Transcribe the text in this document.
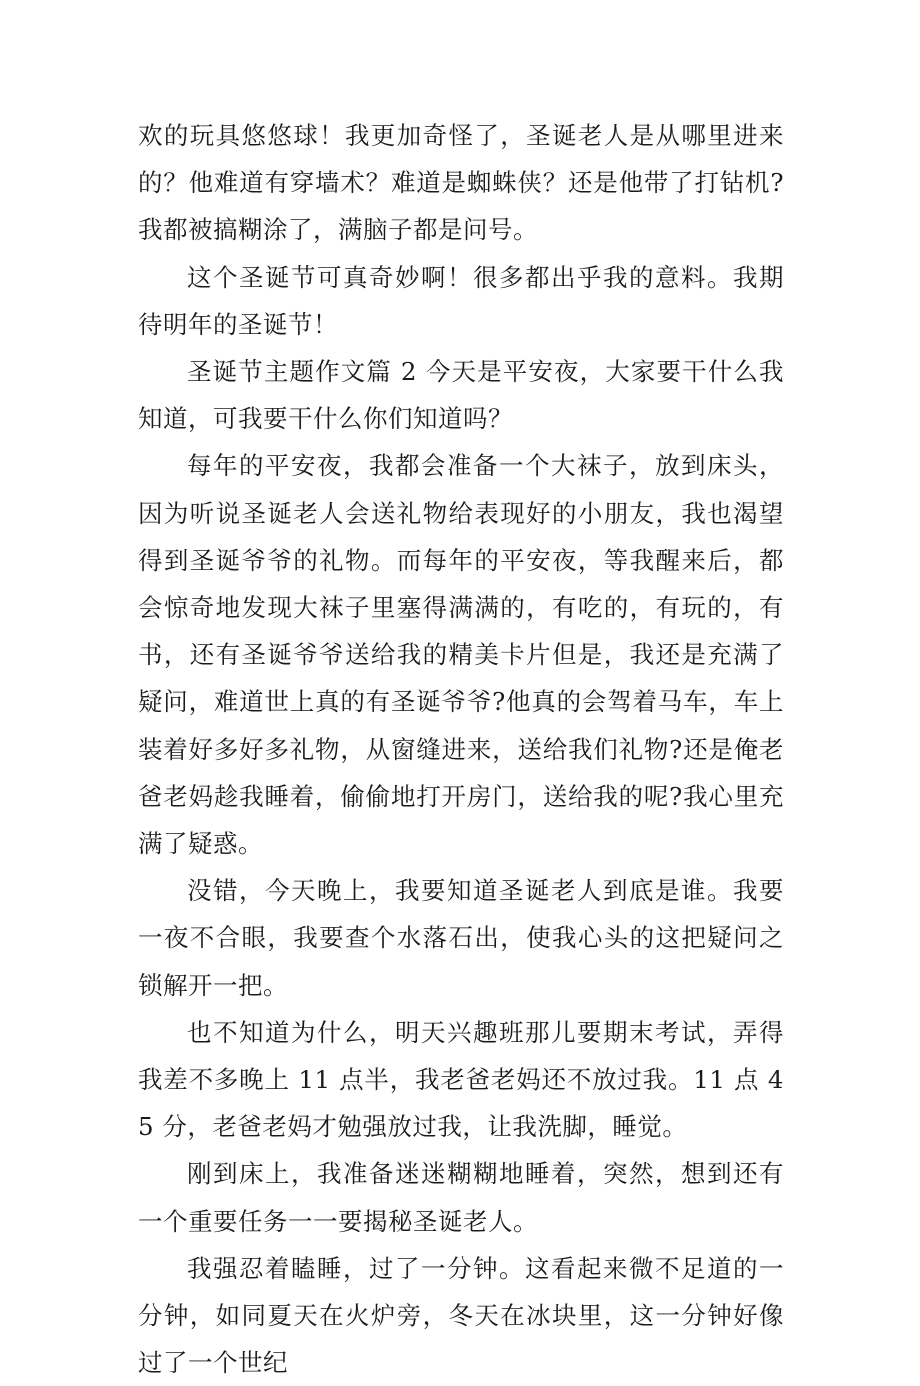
欢的玩具悠悠球！我更加奇怪了，圣诞老人是从哪里进来的？他难道有穿墙术？难道是蜘蛛侠？还是他带了打钻机?我都被搞糊涂了，满脑子都是问号。

这个圣诞节可真奇妙啊！很多都出乎我的意料。我期待明年的圣诞节！

圣诞节主题作文篇 2 今天是平安夜，大家要干什么我知道，可我要干什么你们知道吗？

每年的平安夜，我都会准备一个大袜子，放到床头，因为听说圣诞老人会送礼物给表现好的小朋友，我也渴望得到圣诞爷爷的礼物。而每年的平安夜，等我醒来后，都会惊奇地发现大袜子里塞得满满的，有吃的，有玩的，有书，还有圣诞爷爷送给我的精美卡片但是，我还是充满了疑问，难道世上真的有圣诞爷爷?他真的会驾着马车，车上装着好多好多礼物，从窗缝进来，送给我们礼物?还是俺老爸老妈趁我睡着，偷偷地打开房门，送给我的呢?我心里充满了疑惑。

没错，今天晚上，我要知道圣诞老人到底是谁。我要一夜不合眼，我要查个水落石出，使我心头的这把疑问之锁解开一把。

也不知道为什么，明天兴趣班那儿要期末考试，弄得我差不多晚上 11 点半，我老爸老妈还不放过我。11 点 45 分，老爸老妈才勉强放过我，让我洗脚，睡觉。

刚到床上，我准备迷迷糊糊地睡着，突然，想到还有一个重要任务一一要揭秘圣诞老人。

我强忍着瞌睡，过了一分钟。这看起来微不足道的一分钟，如同夏天在火炉旁，冬天在冰块里，这一分钟好像过了一个世纪
